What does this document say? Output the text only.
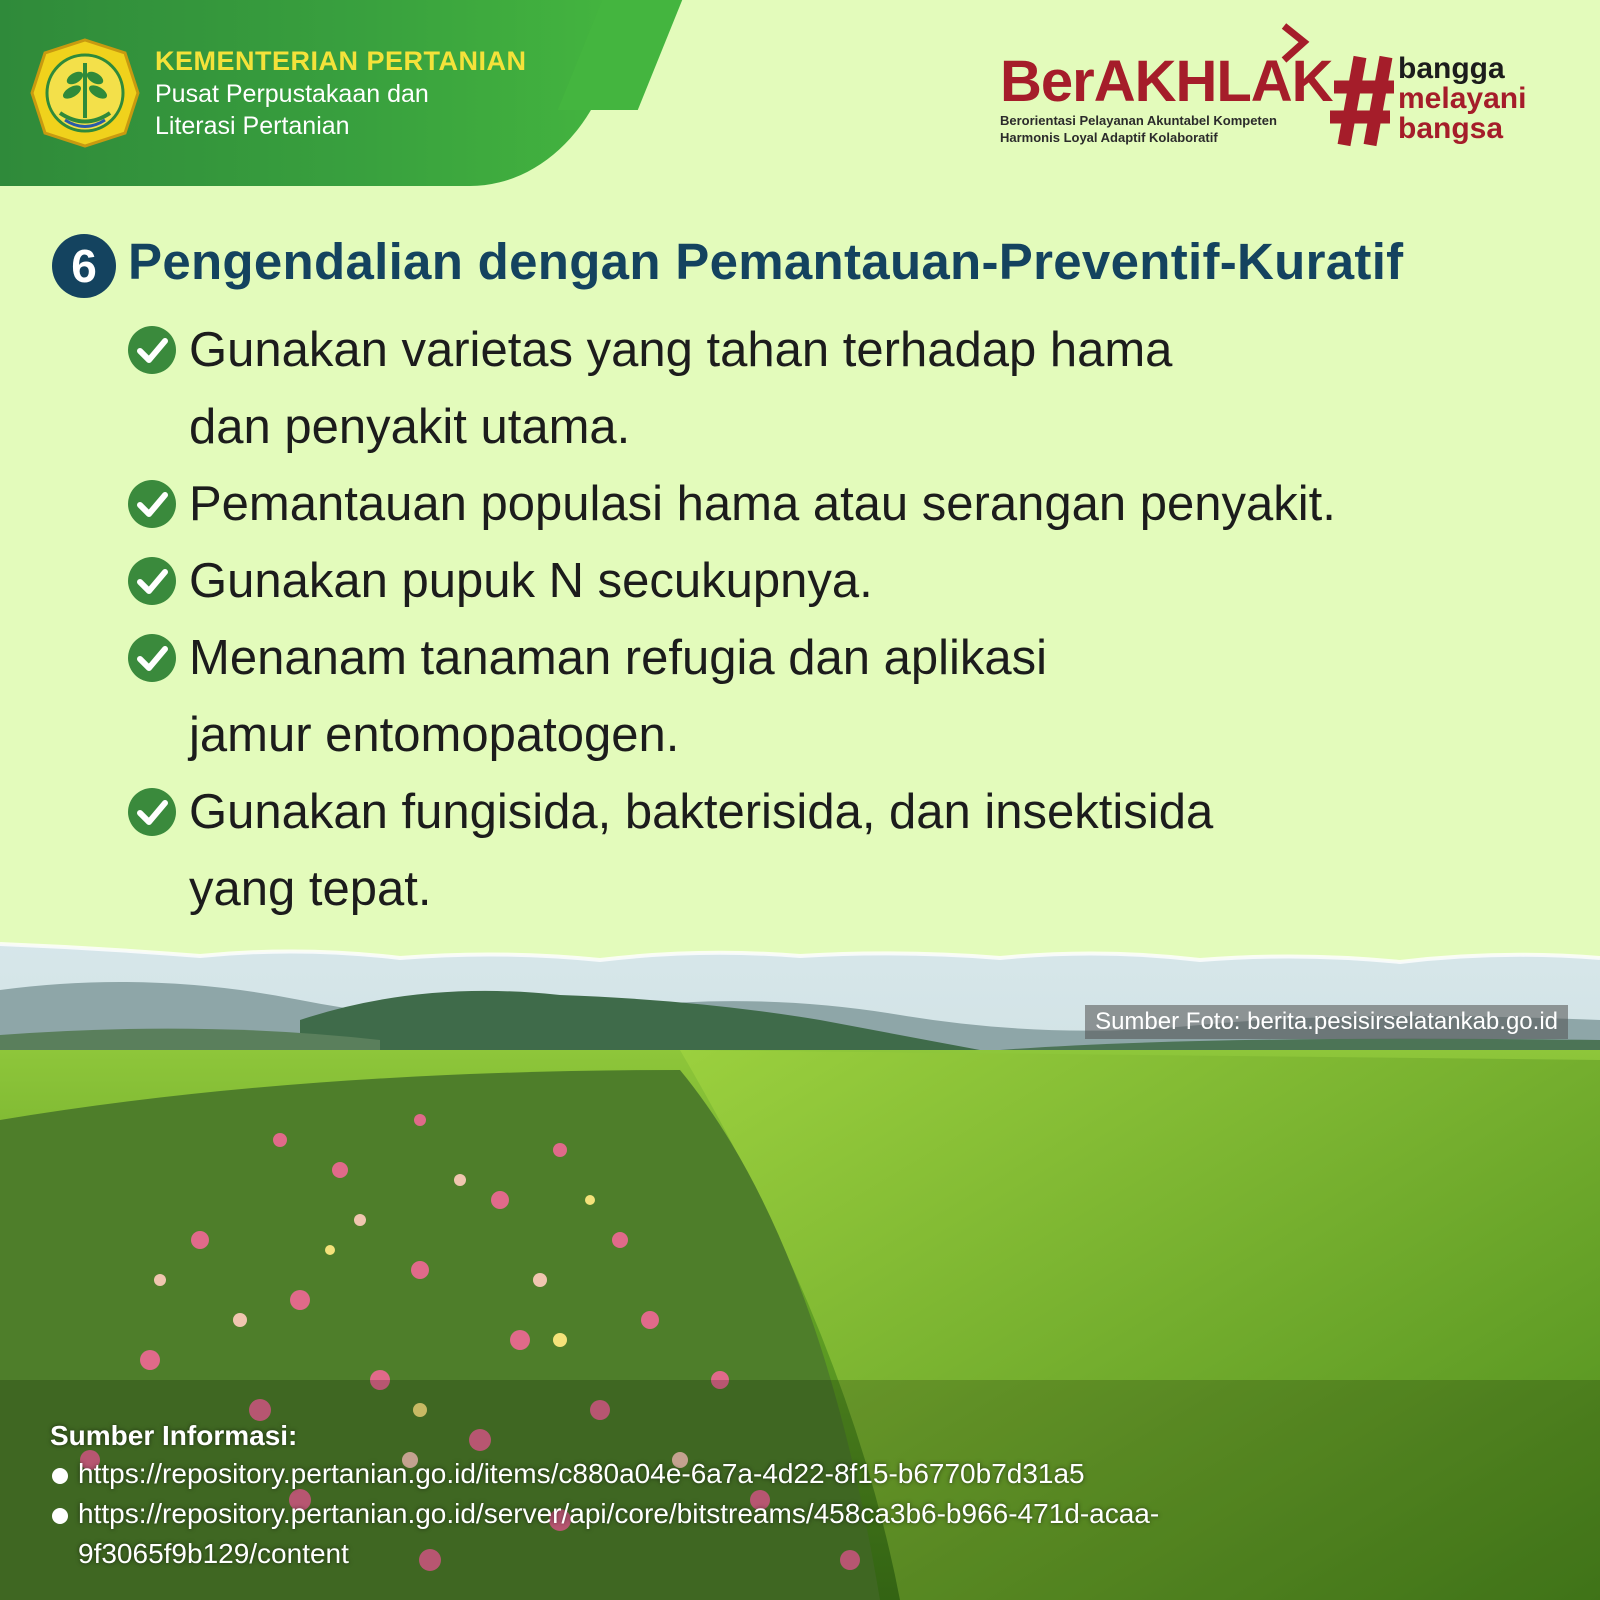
KEMENTERIAN PERTANIAN
Pusat Perpustakaan dan
Literasi Pertanian
BerAKHLAK
Berorientasi Pelayanan Akuntabel Kompeten
Harmonis Loyal Adaptif Kolaboratif
bangga
melayani
bangsa
6 Pengendalian dengan Pemantauan-Preventif-Kuratif
Gunakan varietas yang tahan terhadap hama
dan penyakit utama.
Pemantauan populasi hama atau serangan penyakit.
Gunakan pupuk N secukupnya.
Menanam tanaman refugia dan aplikasi
jamur entomopatogen.
Gunakan fungisida, bakterisida, dan insektisida
yang tepat.
Sumber Foto: berita.pesisirselatankab.go.id
Sumber Informasi:
https://repository.pertanian.go.id/items/c880a04e-6a7a-4d22-8f15-b6770b7d31a5
https://repository.pertanian.go.id/server/api/core/bitstreams/458ca3b6-b966-471d-acaa-
9f3065f9b129/content
